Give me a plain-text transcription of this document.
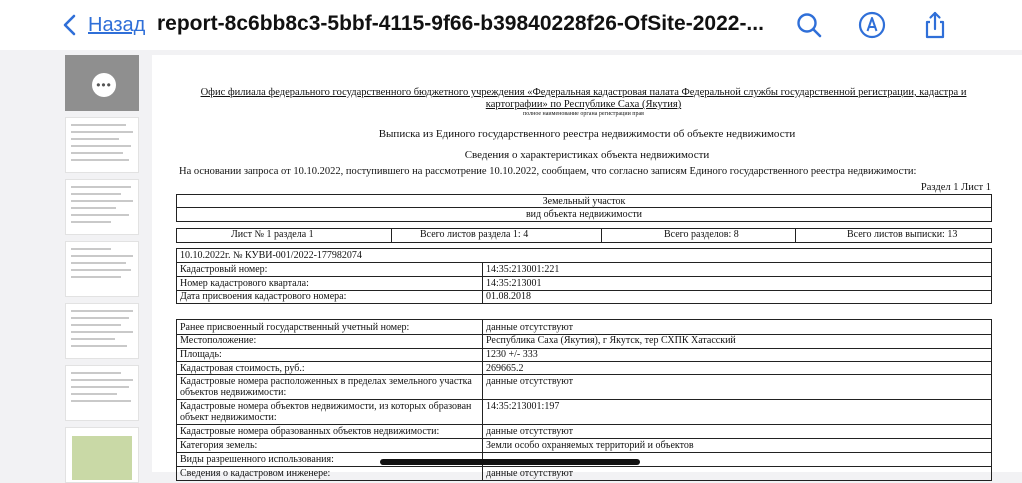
Назад report-8c6bb8c3-5bbf-4115-9f66-b39840228f26-OfSite-2022-...
•••
Офис филиала федерального государственного бюджетного учреждения «Федеральная кадастровая палата Федеральной службы государственной регистрации, кадастра и картографии» по Республике Саха (Якутия)
полное наименование органа регистрации прав
Выписка из Единого государственного реестра недвижимости об объекте недвижимости
Сведения о характеристиках объекта недвижимости
На основании запроса от 10.10.2022, поступившего на рассмотрение 10.10.2022, сообщаем, что согласно записям Единого государственного реестра недвижимости:
Раздел 1 Лист 1
Земельный участок
вид объекта недвижимости
Лист № 1 раздела 1	Всего листов раздела 1: 4	Всего разделов: 8	Всего листов выписки: 13
10.10.2022г. № КУВИ-001/2022-177982074
Кадастровый номер:	14:35:213001:221
Номер кадастрового квартала:	14:35:213001
Дата присвоения кадастрового номера:	01.08.2018
Ранее присвоенный государственный учетный номер:	данные отсутствуют
Местоположение:	Республика Саха (Якутия), г Якутск, тер СХПК Хатасский
Площадь:	1230 +/- 333
Кадастровая стоимость, руб.:	269665.2
Кадастровые номера расположенных в пределах земельного участка объектов недвижимости:
данные отсутствуют
Кадастровые номера объектов недвижимости, из которых образован объект недвижимости:
14:35:213001:197
Кадастровые номера образованных объектов недвижимости:	данные отсутствуют
Категория земель:	Земли особо охраняемых территорий и объектов
Виды разрешенного использования:
Сведения о кадастровом инженере:	данные отсутствуют
